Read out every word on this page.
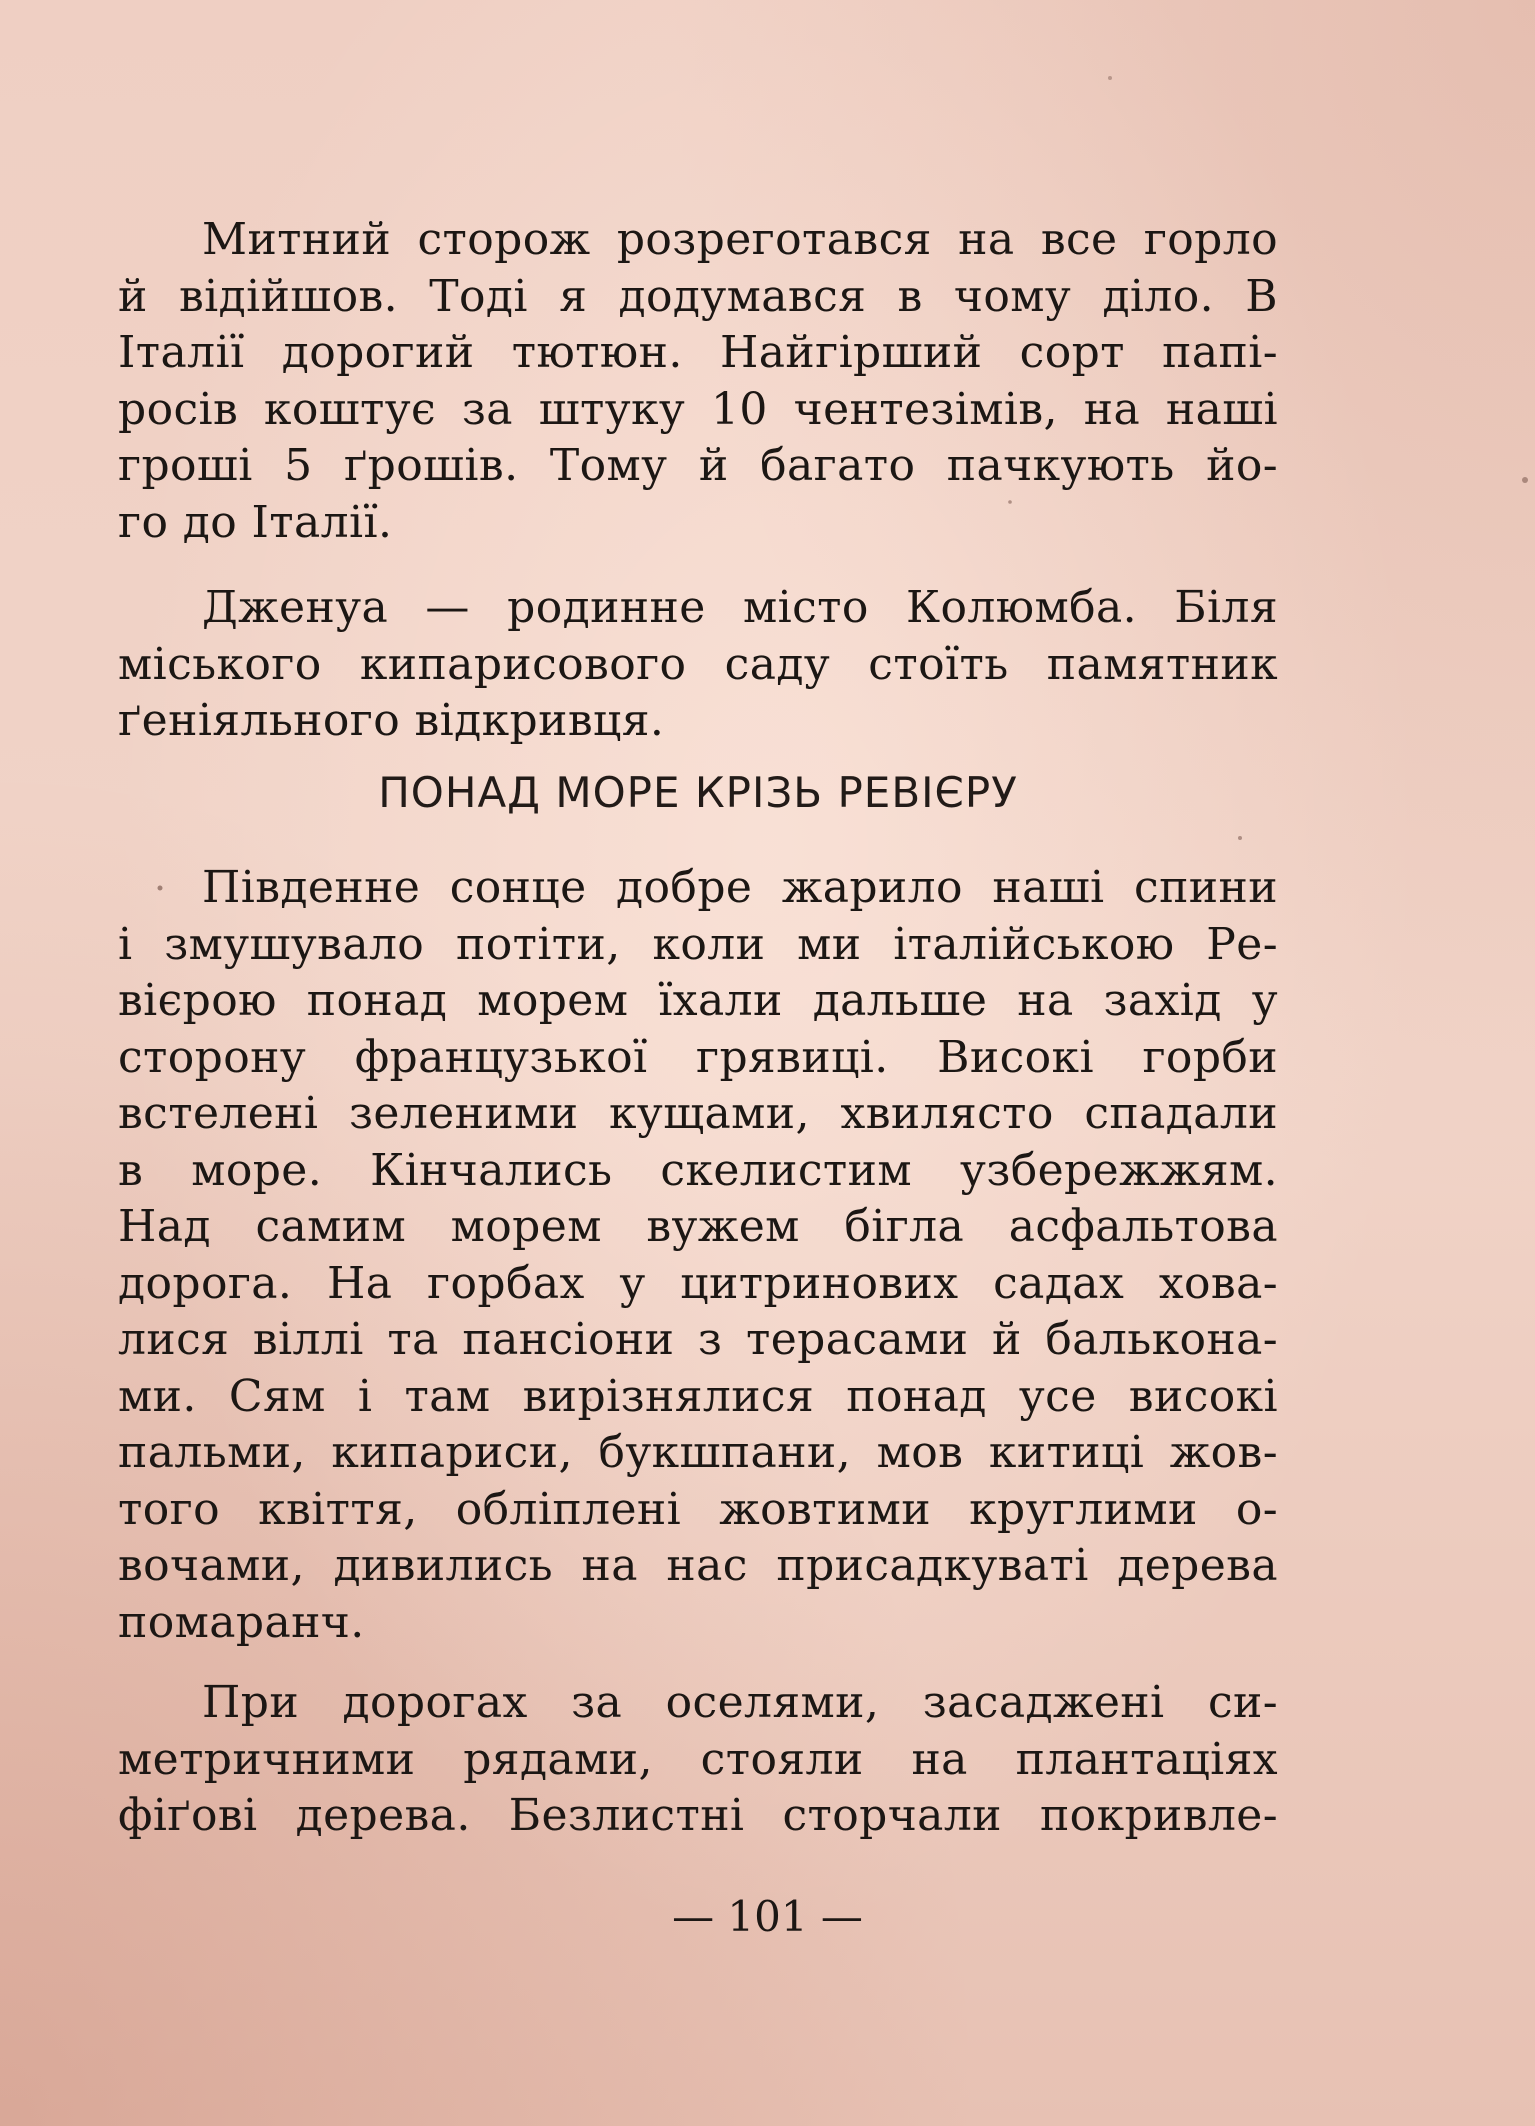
Митний сторож розреготався на все горло
й відійшов. Тоді я додумався в чому діло. В
Італії дорогий тютюн. Найгірший сорт папі-
росів коштує за штуку 10 чентезімів, на наші
гроші 5 ґрошів. Тому й багато пачкують йо-
го до Італії.
Дженуа — родинне місто Колюмба. Біля
міського кипарисового саду стоїть памятник
ґеніяльного відкривця.
ПОНАД МОРЕ КРІЗЬ РЕВІЄРУ
Південне сонце добре жарило наші спини
і змушувало потіти, коли ми італійською Ре-
вієрою понад морем їхали дальше на захід у
сторону французької грявиці. Високі горби
встелені зеленими кущами, хвилясто спадали
в море. Кінчались скелистим узбережжям.
Над самим морем вужем бігла асфальтова
дорога. На горбах у цитринових садах хова-
лися віллі та пансіони з терасами й балькона-
ми. Сям і там вирізнялися понад усе високі
пальми, кипариси, букшпани, мов китиці жов-
того квіття, обліплені жовтими круглими о-
вочами, дивились на нас присадкуваті дерева
помаранч.
При дорогах за оселями, засаджені си-
метричними рядами, стояли на плантаціях
фіґові дерева. Безлистні сторчали покривле-
— 101 —
